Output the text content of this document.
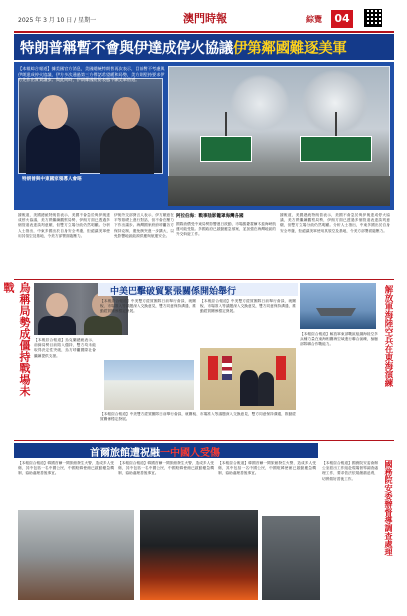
2025 年 3 月 10 日 / 星期一	澳門時報	綜覽	04
特朗普稱暫不會與伊達成停火協議 伊第鄰國難逐美軍
【本報綜合報道】據美國官方消息，美國總統特朗普再次表示，目前暫不考慮與伊朗達成停火協議，伊方多次通過第三方傳話希望緩和局勢，美方則堅持要求伊方先作出實質讓步。與此同時，伊朗鄰國紛紛表態不願美軍借道。
特朗普與中東國家領導人會晤
據報道，美國總統特朗普表示，美國不會急於與伊朗達成停火協議，美方將繼續觀察局勢，伊朗方面已透過多個管道表達談判意願，但雙方立場分歧仍然明顯。分析人士指出，中東多國出於自身安全考慮，拒絕讓美軍使用其領空及基地，令美方部署面臨壓力。
伊朗外交部發言人表示，伊方願意在平等基礎上進行對話，但不會在壓力下作出讓步。海灣國家紛紛呼籲各方保持克制，避免衝突進一步擴大，以免影響地區能源供應與航運安全。
阿拉伯海：戰事陰影籠罩海灣各國
國際油價受中東局勢影響連日波動，市場擔憂霍爾木茲海峽航運可能受阻。多國政府已啟動應急預案，並加強在海灣地區的外交斡旋工作。
據報道，美國總統特朗普表示，美國不會急於與伊朗達成停火協議，美方將繼續觀察局勢，伊朗方面已透過多個管道表達談判意願，但雙方立場分歧仍然明顯。分析人士指出，中東多國出於自身安全考慮，拒絕讓美軍使用其領空及基地，令美方部署面臨壓力。
烏稱局勢成僵持戰場未戰
【本報綜合報道】烏克蘭總統表示，前線局勢目前陷入僵持，雙方均未能取得決定性突破，烏方呼籲國際社會繼續提供支援。
中美巴擊破貿緊張關係開始舉行
【本報綜合報道】中美雙方經貿團隊日前舉行會談，就關稅、市場准入等議題深入交換意見，雙方同意保持溝通，推動經貿關係穩定發展。
【本報綜合報道】中美雙方經貿團隊日前舉行會談，就關稅、市場准入等議題深入交換意見，雙方同意保持溝通，推動經貿關係穩定發展。
【本報綜合報道】中美雙方經貿團隊日前舉行會談，就關稅、市場准入等議題深入交換意見，雙方同意保持溝通，推動經貿關係穩定發展。
解放軍海陸空兵在東海演練
【本報綜合報道】解放軍東部戰區組織海陸空多兵種力量在東海相關海空域進行聯合演練，檢驗部隊聯合作戰能力。
首爾旅館遭祝融一中國人受傷
【本報綜合報道】韓國首爾一間旅館發生火警，造成多人受傷，其中包括一名中國公民，中國駐韓使館已啟動應急機制，協助處理善後事宜。
【本報綜合報道】韓國首爾一間旅館發生火警，造成多人受傷，其中包括一名中國公民，中國駐韓使館已啟動應急機制，協助處理善後事宜。
【本報綜合報道】韓國首爾一間旅館發生火警，造成多人受傷，其中包括一名中國公民，中國駐韓使館已啟動應急機制，協助處理善後事宜。	國務院安委辦督導調查處理
【本報綜合報道】國務院安委會辦公室派出工作組赴現場督導調查處理工作，要求依法依規嚴肅追責，切實做好善後工作。
